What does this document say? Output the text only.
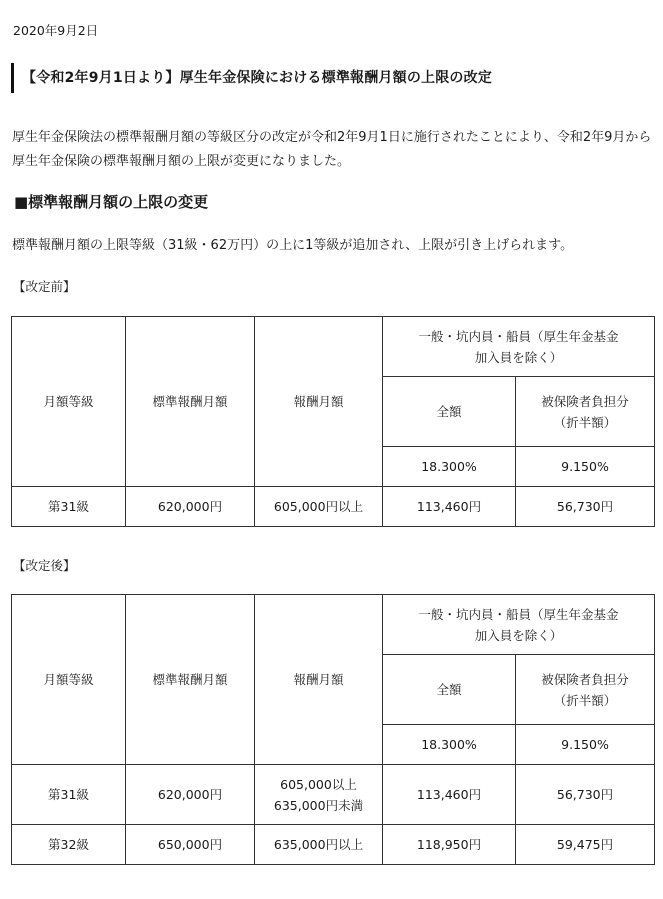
2020年9月2日
【令和2年9月1日より】厚生年金保険における標準報酬月額の上限の改定
厚生年金保険法の標準報酬月額の等級区分の改定が令和2年9月1日に施行されたことにより、令和2年9月から厚生年金保険の標準報酬月額の上限が変更になりました。
■標準報酬月額の上限の変更
標準報酬月額の上限等級（31級・62万円）の上に1等級が追加され、上限が引き上げられます。
【改定前】
月額等級	標準報酬月額	報酬月額	一般・坑内員・船員（厚生年金基金
加入員を除く）	

			全額	被保険者負担分
（折半額）

			18.300%	9.150%
第31級	620,000円	605,000円以上	113,460円	56,730円
【改定後】
月額等級	標準報酬月額	報酬月額	一般・坑内員・船員（厚生年金基金
加入員を除く）	

			全額	被保険者負担分
（折半額）

			18.300%	9.150%
第31級	620,000円	605,000以上
635,000円未満	113,460円	56,730円
第32級	650,000円	635,000円以上	118,950円	59,475円
